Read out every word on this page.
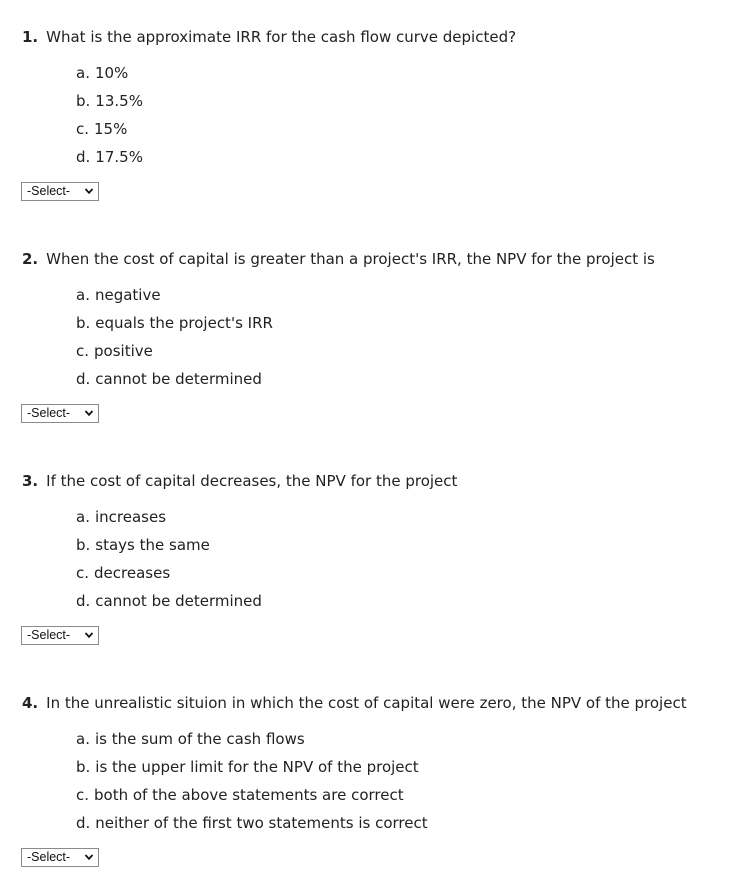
1. What is the approximate IRR for the cash flow curve depicted?
a. 10%
b. 13.5%
c. 15%
d. 17.5%
-Select-
2. When the cost of capital is greater than a project's IRR, the NPV for the project is
a. negative
b. equals the project's IRR
c. positive
d. cannot be determined
-Select-
3. If the cost of capital decreases, the NPV for the project
a. increases
b. stays the same
c. decreases
d. cannot be determined
-Select-
4. In the unrealistic situion in which the cost of capital were zero, the NPV of the project
a. is the sum of the cash flows
b. is the upper limit for the NPV of the project
c. both of the above statements are correct
d. neither of the first two statements is correct
-Select-
